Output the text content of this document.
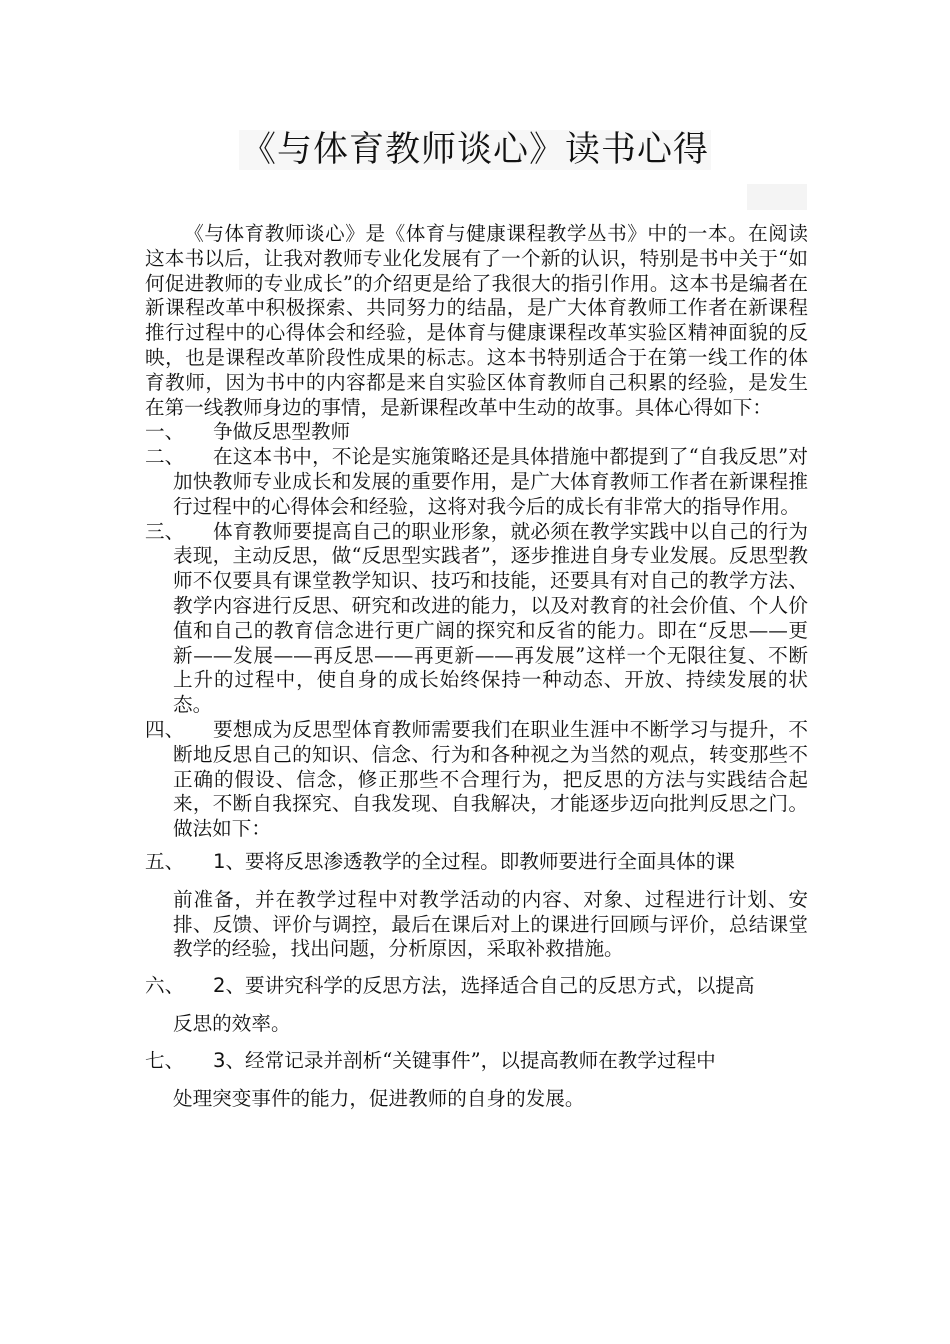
《与体育教师谈心》读书心得

《与体育教师谈心》是《体育与健康课程教学丛书》中的一本。在阅读这本书以后，让我对教师专业化发展有了一个新的认识，特别是书中关于“如何促进教师的专业成长”的介绍更是给了我很大的指引作用。这本书是编者在新课程改革中积极探索、共同努力的结晶，是广大体育教师工作者在新课程推行过程中的心得体会和经验，是体育与健康课程改革实验区精神面貌的反映，也是课程改革阶段性成果的标志。这本书特别适合于在第一线工作的体育教师，因为书中的内容都是来自实验区体育教师自己积累的经验，是发生在第一线教师身边的事情，是新课程改革中生动的故事。具体心得如下：

一、	争做反思型教师
二、	在这本书中，不论是实施策略还是具体措施中都提到了“自我反思”对加快教师专业成长和发展的重要作用，是广大体育教师工作者在新课程推行过程中的心得体会和经验，这将对我今后的成长有非常大的指导作用。
三、	体育教师要提高自己的职业形象，就必须在教学实践中以自己的行为表现，主动反思，做“反思型实践者”，逐步推进自身专业发展。反思型教师不仅要具有课堂教学知识、技巧和技能，还要具有对自己的教学方法、教学内容进行反思、研究和改进的能力，以及对教育的社会价值、个人价值和自己的教育信念进行更广阔的探究和反省的能力。即在“反思——更新——发展——再反思——再更新——再发展”这样一个无限往复、不断上升的过程中，使自身的成长始终保持一种动态、开放、持续发展的状态。
四、	要想成为反思型体育教师需要我们在职业生涯中不断学习与提升，不断地反思自己的知识、信念、行为和各种视之为当然的观点，转变那些不正确的假设、信念，修正那些不合理行为，把反思的方法与实践结合起来，不断自我探究、自我发现、自我解决，才能逐步迈向批判反思之门。做法如下：
五、	1、要将反思渗透教学的全过程。即教师要进行全面具体的课
前准备，并在教学过程中对教学活动的内容、对象、过程进行计划、安排、反馈、评价与调控，最后在课后对上的课进行回顾与评价，总结课堂教学的经验，找出问题，分析原因，采取补救措施。
六、	2、要讲究科学的反思方法，选择适合自己的反思方式，以提高
反思的效率。
七、	3、经常记录并剖析“关键事件”，以提高教师在教学过程中
处理突变事件的能力，促进教师的自身的发展。
